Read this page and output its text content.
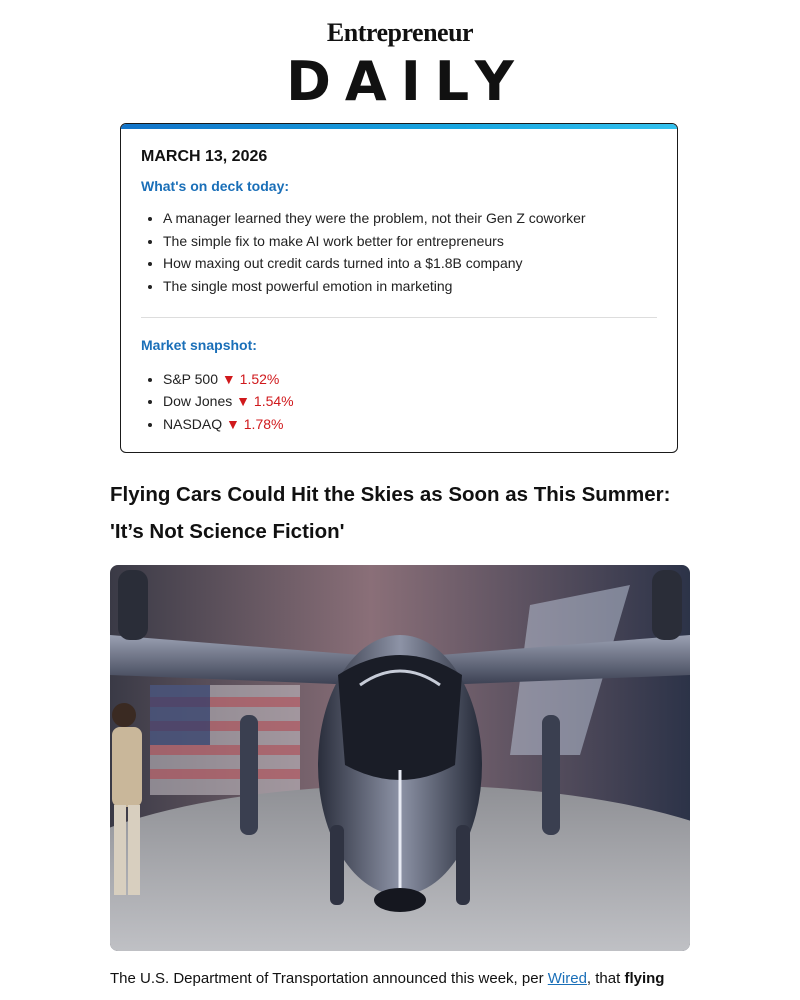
Entrepreneur
DAILY
MARCH 13, 2026
What's on deck today:
• A manager learned they were the problem, not their Gen Z coworker
• The simple fix to make AI work better for entrepreneurs
• How maxing out credit cards turned into a $1.8B company
• The single most powerful emotion in marketing
Market snapshot:
• S&P 500 ▼ 1.52%
• Dow Jones ▼ 1.54%
• NASDAQ ▼ 1.78%
Flying Cars Could Hit the Skies as Soon as This Summer: 'It’s Not Science Fiction'

The U.S. Department of Transportation announced this week, per Wired, that flying
